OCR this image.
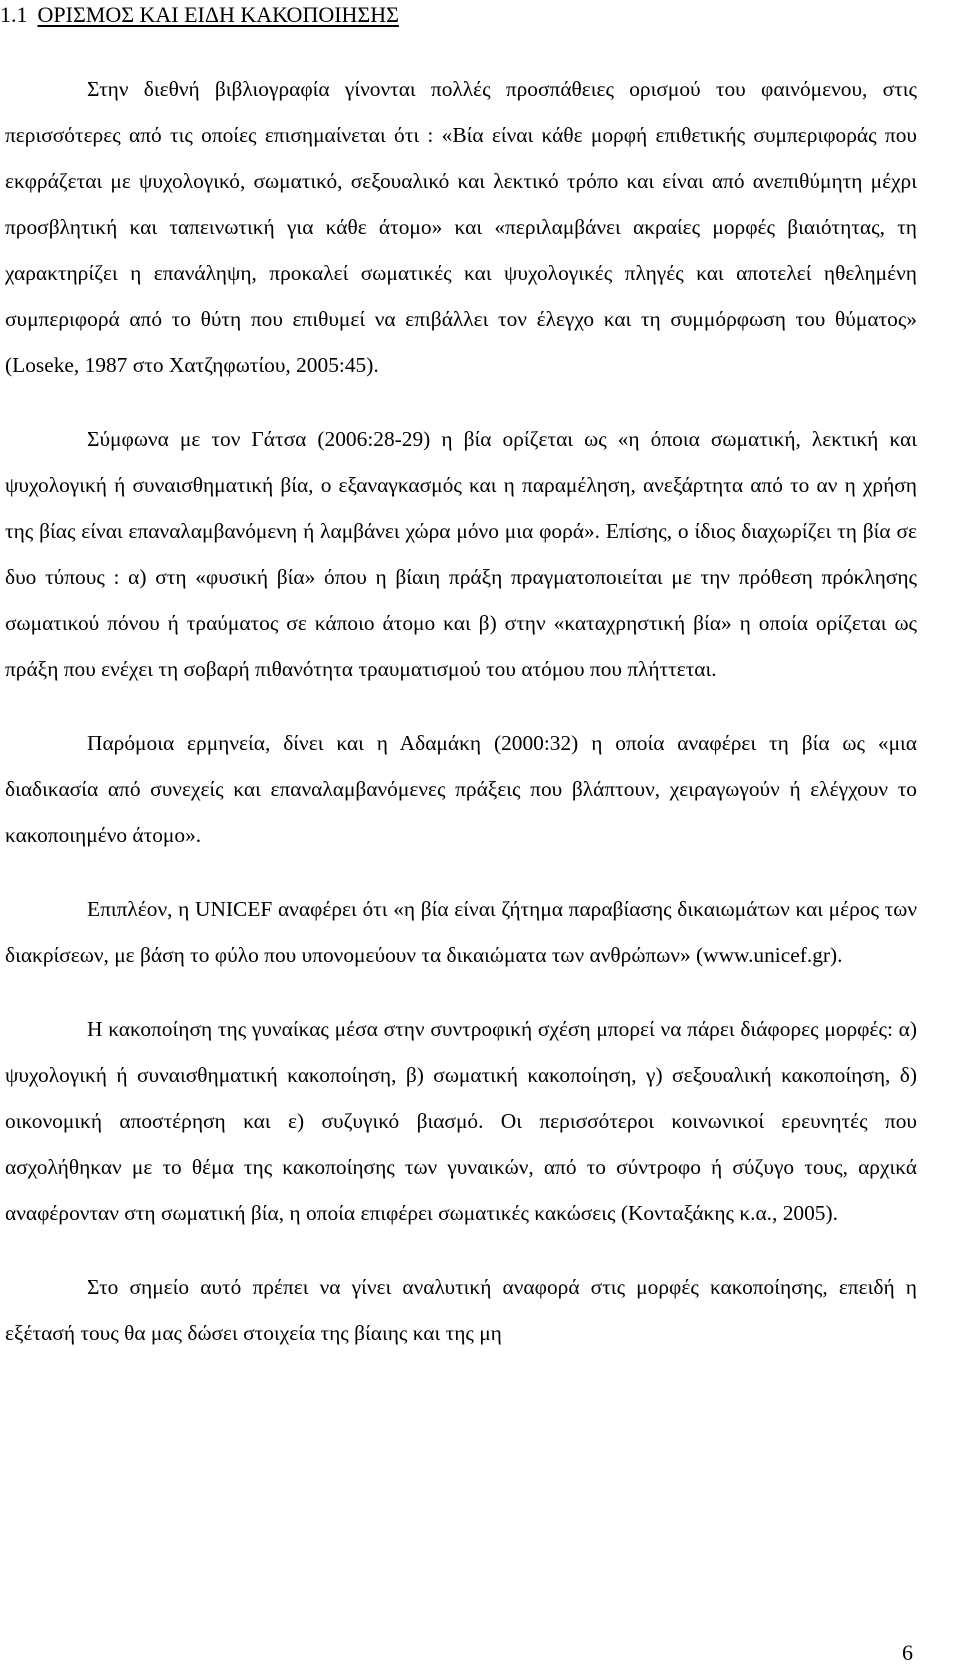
1.1 ΟΡΙΣΜΟΣ ΚΑΙ ΕΙΔΗ ΚΑΚΟΠΟΙΗΣΗΣ

Στην διεθνή βιβλιογραφία γίνονται πολλές προσπάθειες ορισμού του φαινόμενου, στις περισσότερες από τις οποίες επισημαίνεται ότι : «Βία είναι κάθε μορφή επιθετικής συμπεριφοράς που εκφράζεται με ψυχολογικό, σωματικό, σεξουαλικό και λεκτικό τρόπο και είναι από ανεπιθύμητη μέχρι προσβλητική και ταπεινωτική για κάθε άτομο» και «περιλαμβάνει ακραίες μορφές βιαιότητας, τη χαρακτηρίζει η επανάληψη, προκαλεί σωματικές και ψυχολογικές πληγές και αποτελεί ηθελημένη συμπεριφορά από το θύτη που επιθυμεί να επιβάλλει τον έλεγχο και τη συμμόρφωση του θύματος» (Loseke, 1987 στο Χατζηφωτίου, 2005:45).

Σύμφωνα με τον Γάτσα (2006:28-29) η βία ορίζεται ως «η όποια σωματική, λεκτική και ψυχολογική ή συναισθηματική βία, ο εξαναγκασμός και η παραμέληση, ανεξάρτητα από το αν η χρήση της βίας είναι επαναλαμβανόμενη ή λαμβάνει χώρα μόνο μια φορά». Επίσης, ο ίδιος διαχωρίζει τη βία σε δυο τύπους : α) στη «φυσική βία» όπου η βίαιη πράξη πραγματοποιείται με την πρόθεση πρόκλησης σωματικού πόνου ή τραύματος σε κάποιο άτομο και β) στην «καταχρηστική βία» η οποία ορίζεται ως πράξη που ενέχει τη σοβαρή πιθανότητα τραυματισμού του ατόμου που πλήττεται.

Παρόμοια ερμηνεία, δίνει και η Αδαμάκη (2000:32) η οποία αναφέρει τη βία ως «μια διαδικασία από συνεχείς και επαναλαμβανόμενες πράξεις που βλάπτουν, χειραγωγούν ή ελέγχουν το κακοποιημένο άτομο».

Επιπλέον, η UNICEF αναφέρει ότι «η βία είναι ζήτημα παραβίασης δικαιωμάτων και μέρος των διακρίσεων, με βάση το φύλο που υπονομεύουν τα δικαιώματα των ανθρώπων» (www.unicef.gr).

Η κακοποίηση της γυναίκας μέσα στην συντροφική σχέση μπορεί να πάρει διάφορες μορφές: α) ψυχολογική ή συναισθηματική κακοποίηση, β) σωματική κακοποίηση, γ) σεξουαλική κακοποίηση, δ) οικονομική αποστέρηση και ε) συζυγικό βιασμό. Οι περισσότεροι κοινωνικοί ερευνητές που ασχολήθηκαν με το θέμα της κακοποίησης των γυναικών, από το σύντροφο ή σύζυγο τους, αρχικά αναφέρονταν στη σωματική βία, η οποία επιφέρει σωματικές κακώσεις (Κονταξάκης κ.α., 2005).

Στο σημείο αυτό πρέπει να γίνει αναλυτική αναφορά στις μορφές κακοποίησης, επειδή η εξέτασή τους θα μας δώσει στοιχεία της βίαιης και της μη

6
